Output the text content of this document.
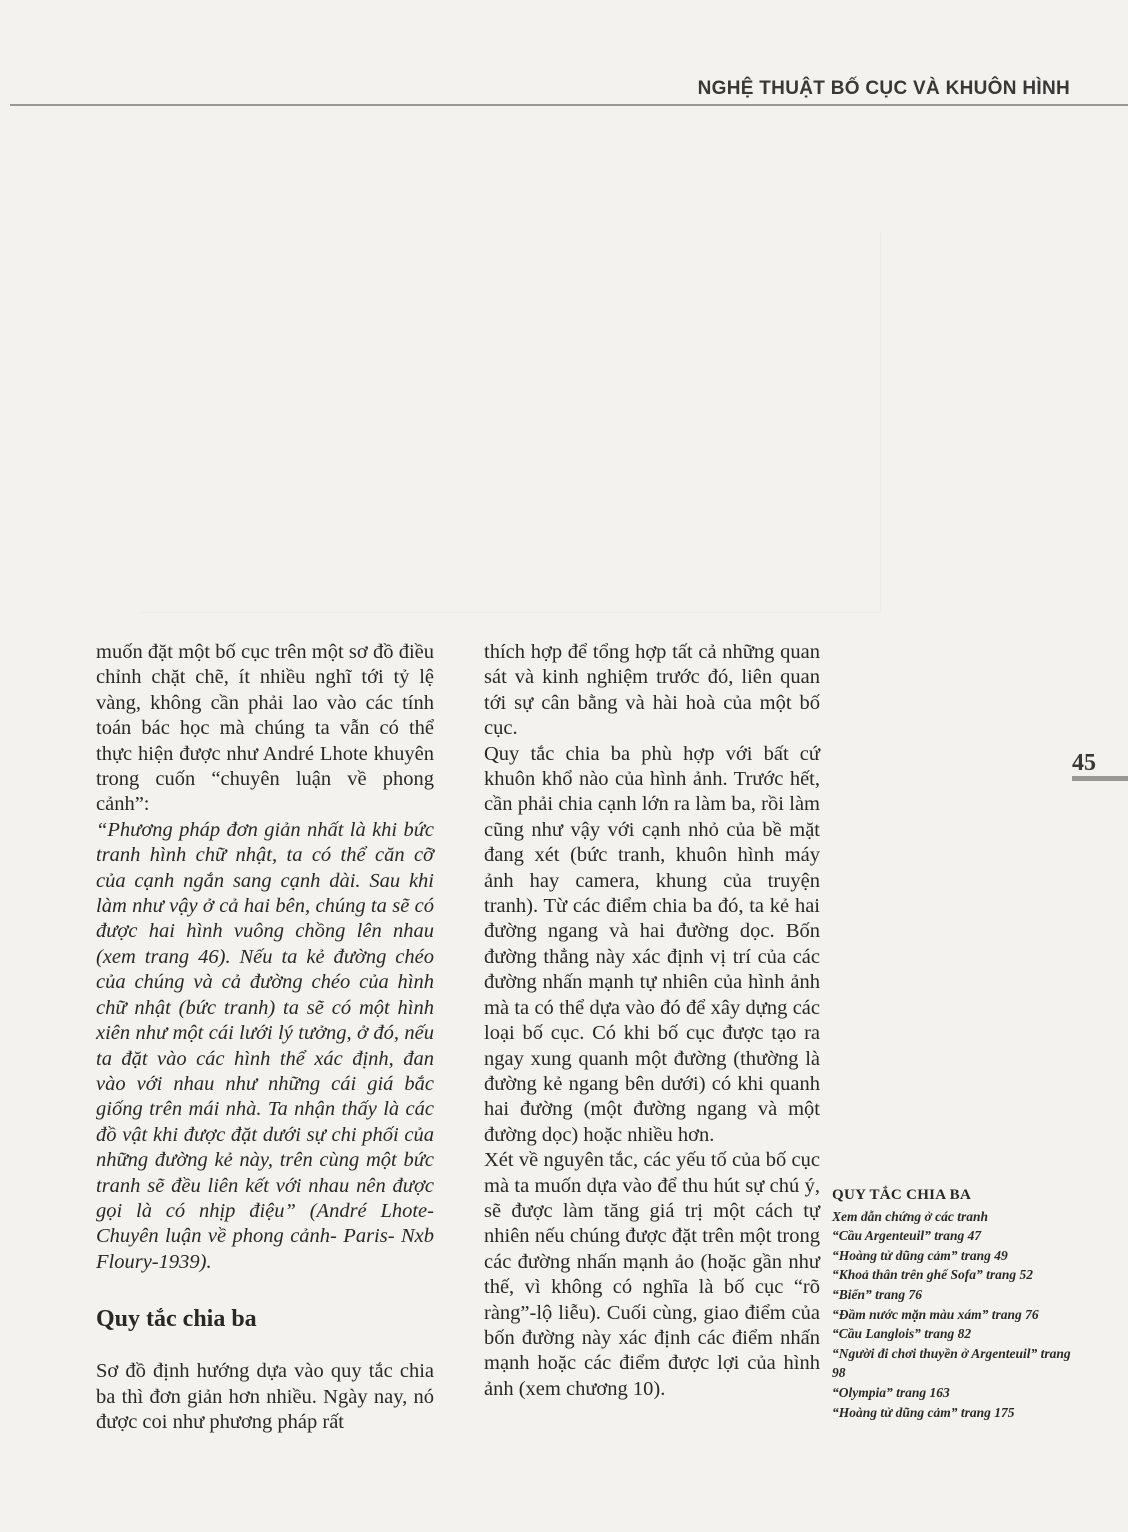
NGHỆ THUẬT BỐ CỤC VÀ KHUÔN HÌNH
45

muốn đặt một bố cục trên một sơ đồ điều chỉnh chặt chẽ, ít nhiều nghĩ tới tỷ lệ vàng, không cần phải lao vào các tính toán bác học mà chúng ta vẫn có thể thực hiện được như André Lhote khuyên trong cuốn “chuyên luận về phong cảnh”:

“Phương pháp đơn giản nhất là khi bức tranh hình chữ nhật, ta có thể căn cỡ của cạnh ngắn sang cạnh dài. Sau khi làm như vậy ở cả hai bên, chúng ta sẽ có được hai hình vuông chồng lên nhau (xem trang 46). Nếu ta kẻ đường chéo của chúng và cả đường chéo của hình chữ nhật (bức tranh) ta sẽ có một hình xiên như một cái lưới lý tưởng, ở đó, nếu ta đặt vào các hình thể xác định, đan vào với nhau như những cái giá bắc giống trên mái nhà. Ta nhận thấy là các đồ vật khi được đặt dưới sự chi phối của những đường kẻ này, trên cùng một bức tranh sẽ đều liên kết với nhau nên được gọi là có nhịp điệu” (André Lhote- Chuyên luận về phong cảnh- Paris- Nxb Floury-1939).

Quy tắc chia ba

Sơ đồ định hướng dựa vào quy tắc chia ba thì đơn giản hơn nhiều. Ngày nay, nó được coi như phương pháp rất

thích hợp để tổng hợp tất cả những quan sát và kinh nghiệm trước đó, liên quan tới sự cân bằng và hài hoà của một bố cục.

Quy tắc chia ba phù hợp với bất cứ khuôn khổ nào của hình ảnh. Trước hết, cần phải chia cạnh lớn ra làm ba, rồi làm cũng như vậy với cạnh nhỏ của bề mặt đang xét (bức tranh, khuôn hình máy ảnh hay camera, khung của truyện tranh). Từ các điểm chia ba đó, ta kẻ hai đường ngang và hai đường dọc. Bốn đường thẳng này xác định vị trí của các đường nhấn mạnh tự nhiên của hình ảnh mà ta có thể dựa vào đó để xây dựng các loại bố cục. Có khi bố cục được tạo ra ngay xung quanh một đường (thường là đường kẻ ngang bên dưới) có khi quanh hai đường (một đường ngang và một đường dọc) hoặc nhiều hơn.

Xét về nguyên tắc, các yếu tố của bố cục mà ta muốn dựa vào để thu hút sự chú ý, sẽ được làm tăng giá trị một cách tự nhiên nếu chúng được đặt trên một trong các đường nhấn mạnh ảo (hoặc gần như thế, vì không có nghĩa là bố cục “rõ ràng”-lộ liễu). Cuối cùng, giao điểm của bốn đường này xác định các điểm nhấn mạnh hoặc các điểm được lợi của hình ảnh (xem chương 10).

QUY TẮC CHIA BA
Xem dẫn chứng ở các tranh
“Cầu Argenteuil” trang 47
“Hoàng tử dũng cảm” trang 49
“Khoả thân trên ghế Sofa” trang 52
“Biển” trang 76
“Đầm nước mặn màu xám” trang 76
“Cầu Langlois” trang 82
“Người đi chơi thuyền ở Argenteuil” trang 98
“Olympia” trang 163
“Hoàng tử dũng cảm” trang 175
